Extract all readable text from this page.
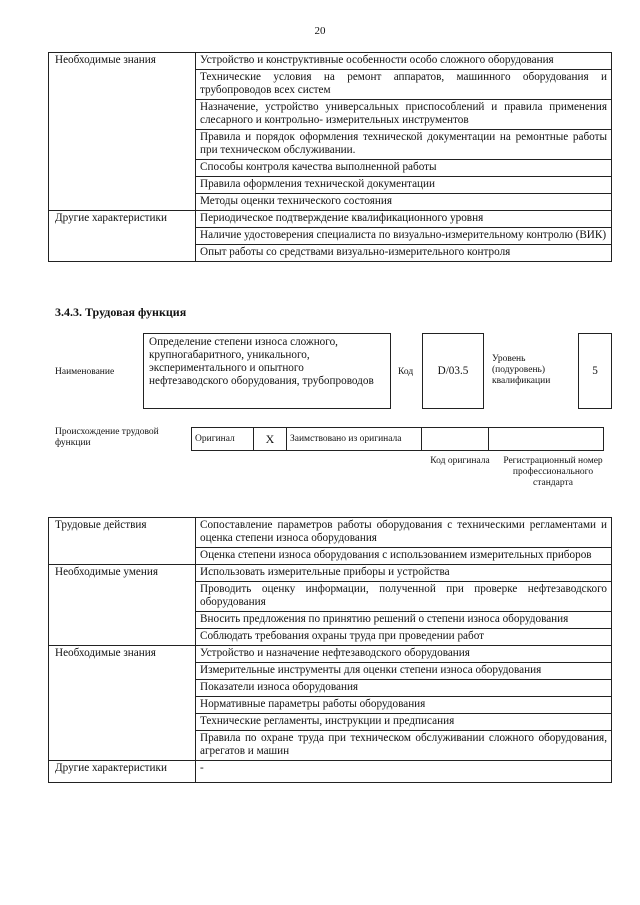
20
Необходимые знания	Устройство и конструктивные особенности особо сложного оборудования
	Технические условия на ремонт аппаратов, машинного оборудования и трубопроводов всех систем
	Назначение, устройство универсальных приспособлений и правила применения слесарного и контрольно- измерительных инструментов
	Правила и порядок оформления технической документации на ремонтные работы при техническом обслуживании.
	Способы контроля качества выполненной работы
	Правила оформления технической документации
	Методы оценки технического состояния
Другие характеристики	Периодическое подтверждение квалификационного уровня
	Наличие удостоверения специалиста по визуально-измерительному контролю (ВИК)
	Опыт работы со средствами визуально-измерительного контроля
3.4.3. Трудовая функция
Наименование
Определение степени износа сложного, крупногабаритного, уникального, экспериментального и опытного нефтезаводского оборудования, трубопроводов
Код	D/03.5
Уровень (подуровень) квалификации
5
Происхождение трудовой функции	Оригинал	X	Заимствовано из оригинала		
Код оригинала	Регистрационный номер профессионального стандарта
Трудовые действия	Сопоставление параметров работы оборудования с техническими регламентами и оценка степени износа оборудования
	Оценка степени износа оборудования с использованием измерительных приборов
Необходимые умения	Использовать измерительные приборы и устройства
	Проводить оценку информации, полученной при проверке нефтезаводского оборудования
	Вносить предложения по принятию решений о степени износа оборудования
	Соблюдать требования охраны труда при проведении работ
Необходимые знания	Устройство и назначение нефтезаводского оборудования
	Измерительные инструменты для оценки степени износа оборудования
	Показатели износа оборудования
	Нормативные параметры работы оборудования
	Технические регламенты, инструкции и предписания
	Правила по охране труда при техническом обслуживании сложного оборудования, агрегатов и машин
Другие характеристики	-
